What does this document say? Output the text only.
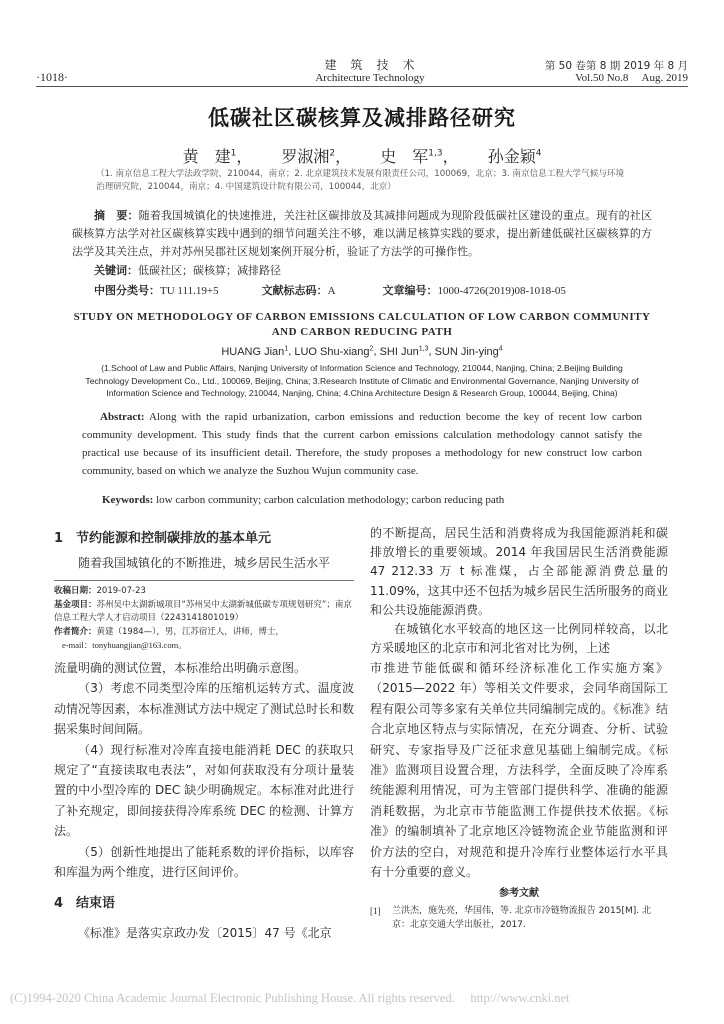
·1018·
建　筑　技　术
Architecture Technology
第 50 卷第 8 期 2019 年 8 月
Vol.50 No.8     Aug. 2019
低碳社区碳核算及减排路径研究
黄　建$^1$， 罗淑湘$^2$， 史　军$^{1,3}$， 孙金颖$^4$
（1. 南京信息工程大学法政学院，210044，南京；2. 北京建筑技术发展有限责任公司，100069，北京；3. 南京信息工程大学气候与环境治理研究院，210044，南京；4. 中国建筑设计院有限公司，100044，北京）
摘　要：随着我国城镇化的快速推进，关注社区碳排放及其减排问题成为现阶段低碳社区建设的重点。现有的社区碳核算方法学对社区碳核算实践中遇到的细节问题关注不够，难以满足核算实践的要求，提出新建低碳社区碳核算的方法学及其关注点，并对苏州吴郡社区规划案例开展分析，验证了方法学的可操作性。
关键词：低碳社区；碳核算；减排路径
中图分类号：TU 111.19+5	文献标志码：A	文章编号：1000-4726(2019)08-1018-05
STUDY ON METHODOLOGY OF CARBON EMISSIONS CALCULATION OF LOW CARBON COMMUNITY AND CARBON REDUCING PATH
HUANG Jian$^1$, LUO Shu-xiang$^2$, SHI Jun$^{1,3}$, SUN Jin-ying$^4$
(1.School of Law and Public Affairs, Nanjing University of Information Science and Technology, 210044, Nanjing, China; 2.Beijing Building Technology Development Co., Ltd., 100069, Beijing, China; 3.Research Institute of Climatic and Environmental Governance, Nanjing University of Information Science and Technology, 210044, Nanjing, China; 4.China Architecture Design & Research Group, 100044, Beijing, China)
Abstract: Along with the rapid urbanization, carbon emissions and reduction become the key of recent low carbon community development. This study finds that the current carbon emissions calculation methodology cannot satisfy the practical use because of its insufficient detail. Therefore, the study proposes a methodology for new construct low carbon community, based on which we analyze the Suzhou Wujun community case.
Keywords: low carbon community; carbon calculation methodology; carbon reducing path
1　节约能源和控制碳排放的基本单元
随着我国城镇化的不断推进，城乡居民生活水平
收稿日期：2019-07-23
基金项目：苏州吴中太湖新城项目“苏州吴中太湖新城低碳专项规划研究”；南京信息工程大学人才启动项目（2243141801019）
作者简介：黄建（1984—），男，江苏宿迁人，讲师，博士，
e-mail：tonyhuangjian@163.com。

的不断提高，居民生活和消费将成为我国能源消耗和碳排放增长的重要领域。2014 年我国居民生活消费能源 47 212.33 万 t 标准煤，占全部能源消费总量的 11.09%，这其中还不包括为城乡居民生活所服务的商业和公共设施能源消费。

在城镇化水平较高的地区这一比例同样较高，以北方采暖地区的北京市和河北省对比为例，上述

流量明确的测试位置，本标准给出明确示意图。

（3）考虑不同类型冷库的压缩机运转方式、温度波动情况等因素，本标准测试方法中规定了测试总时长和数据采集时间间隔。

（4）现行标准对冷库直接电能消耗 DEC 的获取只规定了“直接读取电表法”，对如何获取没有分项计量装置的中小型冷库的 DEC 缺少明确规定。本标准对此进行了补充规定，即间接获得冷库系统 DEC 的检测、计算方法。

（5）创新性地提出了能耗系数的评价指标，以库容和库温为两个维度，进行区间评价。

4　结束语

《标准》是落实京政办发〔2015〕47 号《北京

市推进节能低碳和循环经济标准化工作实施方案》（2015—2022 年）等相关文件要求，会同华商国际工程有限公司等多家有关单位共同编制完成的。《标准》结合北京地区特点与实际情况，在充分调查、分析、试验研究、专家指导及广泛征求意见基础上编制完成。《标准》监测项目设置合理，方法科学，全面反映了冷库系统能源利用情况，可为主管部门提供科学、准确的能源消耗数据，为北京市节能监测工作提供技术依据。《标准》的编制填补了北京地区冷链物流企业节能监测和评价方法的空白，对规范和提升冷库行业整体运行水平具有十分重要的意义。

参考文献
[1]	兰洪杰，施先亮，华国伟，等. 北京市冷链物流报告 2015[M]. 北京：北京交通大学出版社，2017.
(C)1994-2020 China Academic Journal Electronic Publishing House. All rights reserved.　 http://www.cnki.net
